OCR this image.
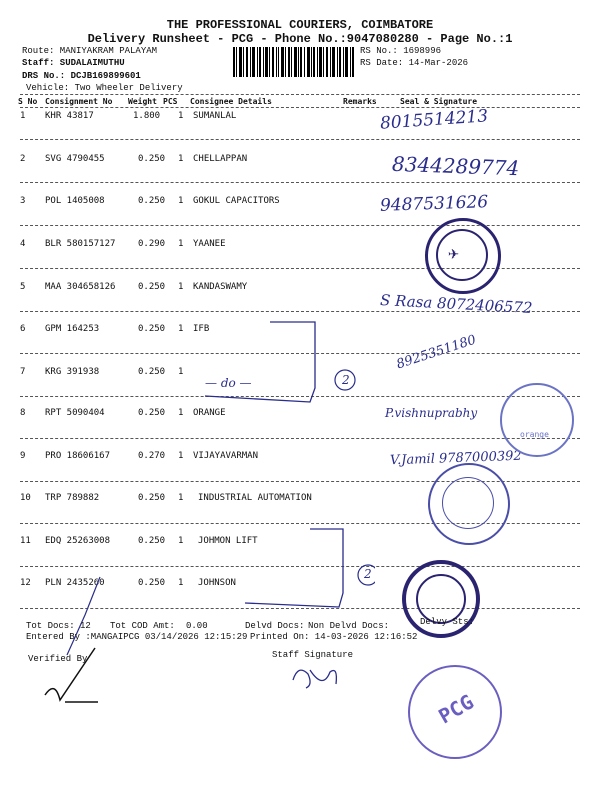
THE PROFESSIONAL COURIERS, COIMBATORE
Delivery Runsheet - PCG - Phone No.:9047080280 - Page No.:1
Route: MANIYAKRAM PALAYAM
Staff: SUDALAIMUTHU
DRS No.: DCJB169899601
Vehicle: Two Wheeler Delivery
RS No.: 1698996
RS Date: 14-Mar-2026
S No Consignment No Weight PCS Consignee Details	Remarks	Seal & Signature
1 KHR 43817	1.800 1 SUMANLAL
2 SVG 4790455	0.250 1 CHELLAPPAN
3 POL 1405008	0.250 1 GOKUL CAPACITORS
4 BLR 580157127	0.290 1 YAANEE
5 MAA 304658126	0.250 1 KANDASWAMY
6 GPM 164253	0.250 1 IFB
7 KRG 391938	0.250 1
8 RPT 5090404	0.250 1 ORANGE
9 PRO 18606167	0.270 1 VIJAYAVARMAN
10 TRP 789882	0.250 1 INDUSTRIAL AUTOMATION
11 EDQ 25263008	0.250 1 JOHMON LIFT
12 PLN 2435260	0.250 1 JOHNSON
8015514213
8344289774
9487531626
S Rasa 8072406572
8925351180
P.vishnuprabhy
V.Jamil 9787000392
— do —	2
2
✈
orange
PCG
Tot Docs: 12 Tot COD Amt: 0.00	Delvd Docs: Non Delvd Docs:	Delvy Sts:
Entered By :MANGAIPCG 03/14/2026 12:15:29 Printed On: 14-03-2026 12:16:52
Verified By	Staff Signature
